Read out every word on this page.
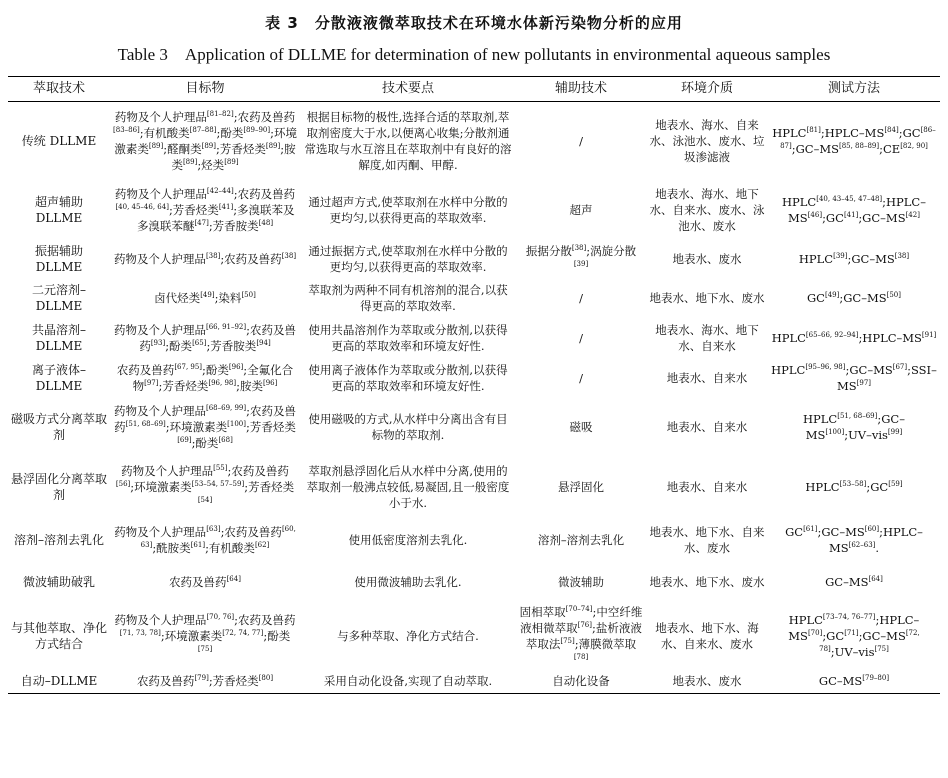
表 3　分散液液微萃取技术在环境水体新污染物分析的应用
Table 3　Application of DLLME for determination of new pollutants in environmental aqueous samples
萃取技术	目标物	技术要点	辅助技术	环境介质	测试方法
传统 DLLME	药物及个人护理品[81–82];农药及兽药[83–86];有机酸类[87–88];酚类[89–90];环境激素类[89];醛酮类[89];芳香烃类[89];胺类[89];烃类[89]	根据目标物的极性,选择合适的萃取剂,萃取剂密度大于水,以便离心收集;分散剂通常选取与水互溶且在萃取剂中有良好的溶解度,如丙酮、甲醇.	/	地表水、海水、自来水、泳池水、废水、垃圾渗滤液	HPLC[81];HPLC–MS[84];GC[86–87];GC–MS[85, 88–89];CE[82, 90]
超声辅助 DLLME	药物及个人护理品[42–44];农药及兽药[40, 45–46, 64];芳香烃类[41];多溴联苯及多溴联苯醚[47];芳香胺类[48]	通过超声方式,使萃取剂在水样中分散的更均匀,以获得更高的萃取效率.	超声	地表水、海水、地下水、自来水、废水、泳池水、废水	HPLC[40, 43–45, 47–48];HPLC–MS[46];GC[41];GC–MS[42]
振据辅助 DLLME	药物及个人护理品[38];农药及兽药[38]	通过振据方式,使萃取剂在水样中分散的更均匀,以获得更高的萃取效率.	振据分散[38];涡旋分散[39]	地表水、废水	HPLC[39];GC–MS[38]
二元溶剂–DLLME	卤代烃类[49];染料[50]	萃取剂为两种不同有机溶剂的混合,以获得更高的萃取效率.	/	地表水、地下水、废水	GC[49];GC–MS[50]
共晶溶剂–DLLME	药物及个人护理品[66, 91–92];农药及兽药[93];酚类[65];芳香胺类[94]	使用共晶溶剂作为萃取或分散剂,以获得更高的萃取效率和环境友好性.	/	地表水、海水、地下水、自来水	HPLC[65–66, 92–94];HPLC–MS[91]
离子液体–DLLME	农药及兽药[67, 95];酚类[96];全氟化合物[97];芳香烃类[96, 98];胺类[96]	使用离子液体作为萃取或分散剂,以获得更高的萃取效率和环境友好性.	/	地表水、自来水	HPLC[95–96, 98];GC–MS[67];SSI–MS[97]
磁吸方式分离萃取剂	药物及个人护理品[68–69, 99];农药及兽药[51, 68–69];环境激素类[100];芳香烃类[69];酚类[68]	使用磁吸的方式,从水样中分离出含有目标物的萃取剂.	磁吸	地表水、自来水	HPLC[51, 68–69];GC–MS[100];UV–vis[99]
悬浮固化分离萃取剂	药物及个人护理品[55];农药及兽药[56];环境激素类[53–54, 57–59];芳香烃类[54]	萃取剂悬浮固化后从水样中分离,使用的萃取剂一般沸点较低,易凝固,且一般密度小于水.	悬浮固化	地表水、自来水	HPLC[53–58];GC[59]
溶剂–溶剂去乳化	药物及个人护理品[63];农药及兽药[60, 63];酰胺类[61];有机酸类[62]	使用低密度溶剂去乳化.	溶剂–溶剂去乳化	地表水、地下水、自来水、废水	GC[61];GC–MS[60];HPLC–MS[62–63].
微波辅助破乳	农药及兽药[64]	使用微波辅助去乳化.	微波辅助	地表水、地下水、废水	GC–MS[64]
与其他萃取、净化方式结合	药物及个人护理品[70, 76];农药及兽药[71, 73, 78];环境激素类[72, 74, 77];酚类[75]	与多种萃取、净化方式结合.	固相萃取[70–74];中空纤维液相微萃取[76];盐析液液萃取法[75];薄膜微萃取[78]	地表水、地下水、海水、自来水、废水	HPLC[73–74, 76–77];HPLC–MS[70];GC[71];GC–MS[72, 78];UV–vis[75]
自动–DLLME	农药及兽药[79];芳香烃类[80]	采用自动化设备,实现了自动萃取.	自动化设备	地表水、废水	GC–MS[79–80]
